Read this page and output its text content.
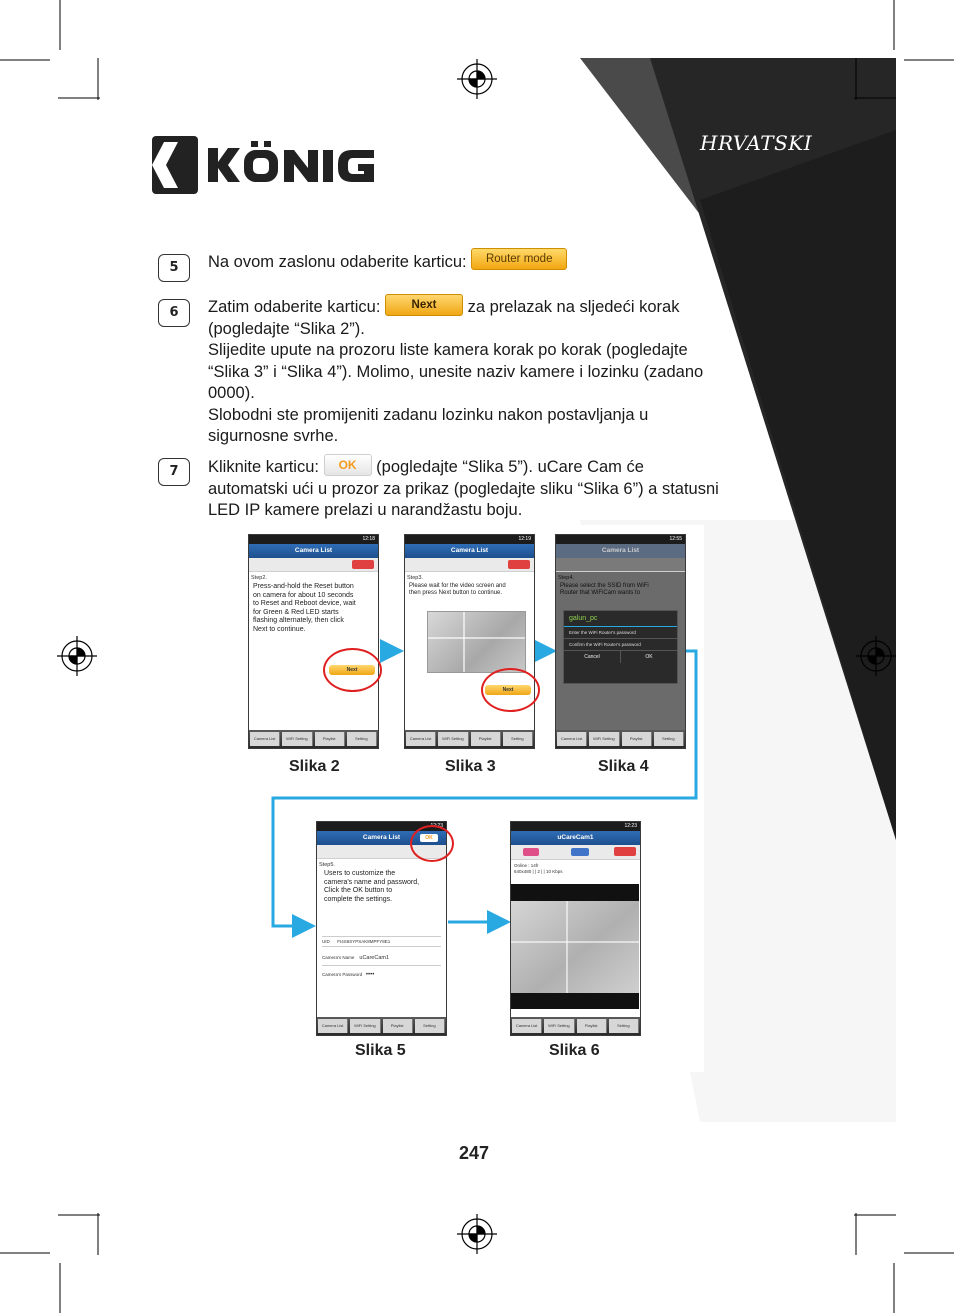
HRVATSKI
5	Na ovom zaslonu odaberite karticu: Router mode
6	Zatim odaberite karticu:	Next za prelazak na sljedeći korak
(pogledajte “Slika 2”).
Slijedite upute na prozoru liste kamera korak po korak (pogledajte
“Slika 3” i “Slika 4”). Molimo, unesite naziv kamere i lozinku (zadano
0000).
Slobodni ste promijeniti zadanu lozinku nakon postavljanja u
sigurnosne svrhe.
7	Kliknite karticu: OK (pogledajte “Slika 5”). uCare Cam će
automatski ući u prozor za prikaz (pogledajte sliku “Slika 6”) a statusni
LED IP kamere prelazi u narandžastu boju.
12:18
Camera List
Step2.
Press-and-hold the Reset button
on camera for about 10 seconds
to Reset and Reboot device, wait
for Green & Red LED starts
flashing alternately, then click
Next to continue.
Next
Camera List	WiFi Setting	Playlist	Setting
12:19
Camera List
Step3.
Please wait for the video screen and
then press Next button to continue.
Next
Camera List	WiFi Setting	Playlist	Setting
12:55
Camera List
Step4.
Please select the SSID from WiFi
Router that WiFiCam wants to
galun_pc
Enter the WiFi Router's password
Confirm the WiFi Router's password
Cancel	OK
Camera List	WiFi Setting	Playlist	Setting
Slika 2	Slika 3	Slika 4
12:23
Camera List	OK
Step5.
Users to customize the
camera's name and password,
Click the OK button to
complete the settings.
UID FI4S6SYPSAK8MPFY8E1
Camera's Name uCareCam1
Camera's Password ••••
Camera List	WiFi Setting	Playlist	Setting
12:23
uCareCam1
Online : 14fr
640x480 | | 2 | | 10 Kbps
Camera List	WiFi Setting	Playlist	Setting
Slika 5	Slika 6
247
